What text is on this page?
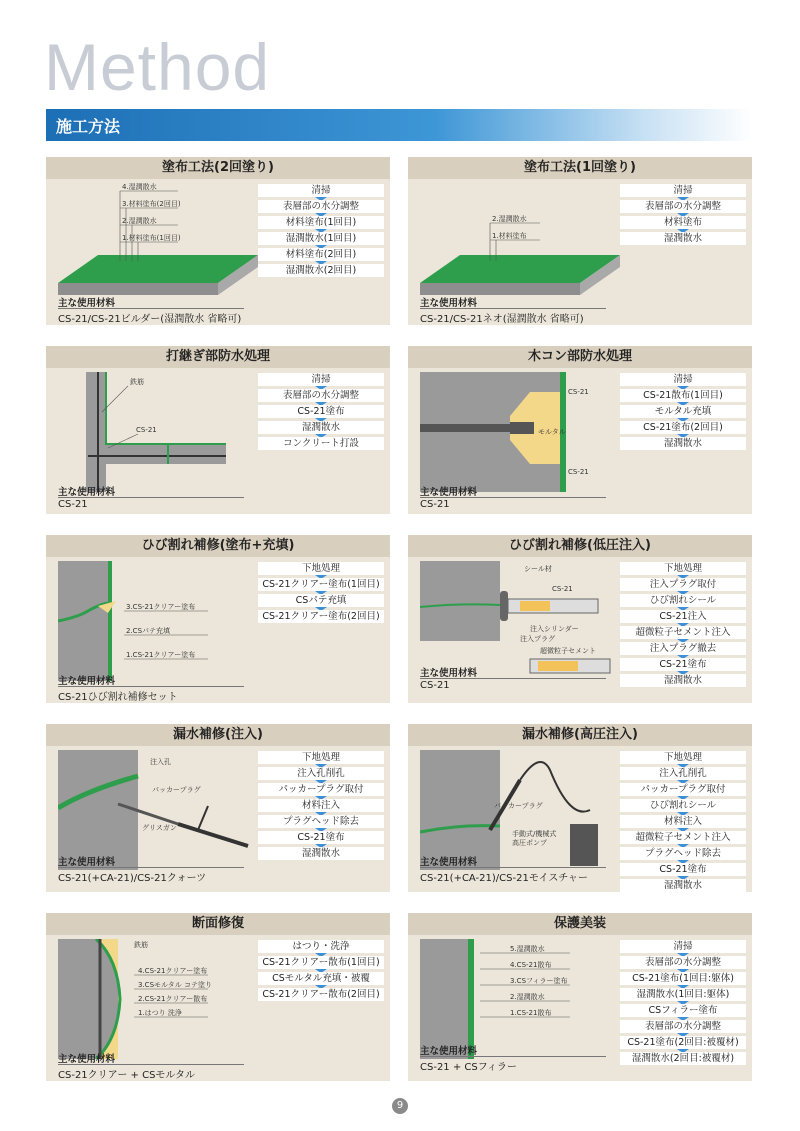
Method
施工方法
塗布工法(2回塗り)
4.湿潤散水
3.材料塗布(2回目)
2.湿潤散水
1.材料塗布(1回目)
清掃
表層部の水分調整
材料塗布(1回目)
湿潤散水(1回目)
材料塗布(2回目)
湿潤散水(2回目)
主な使用材料
CS-21/CS-21ビルダー(湿潤散水 省略可)
塗布工法(1回塗り)
2.湿潤散水
1.材料塗布
清掃
表層部の水分調整
材料塗布
湿潤散水
主な使用材料
CS-21/CS-21ネオ(湿潤散水 省略可)
打継ぎ部防水処理
鉄筋
CS-21
清掃
表層部の水分調整
CS-21塗布
湿潤散水
コンクリート打設
主な使用材料
CS-21
木コン部防水処理
CS-21
モルタル
CS-21
清掃
CS-21散布(1回目)
モルタル充填
CS-21塗布(2回目)
湿潤散水
主な使用材料
CS-21
ひび割れ補修(塗布+充填)
3.CS-21クリアー塗布
2.CSパテ充填
1.CS-21クリアー塗布
下地処理
CS-21クリアー塗布(1回目)
CSパテ充填
CS-21クリアー塗布(2回目)
主な使用材料
CS-21ひび割れ補修セット
ひび割れ補修(低圧注入)
シール材
CS-21
注入シリンダー
注入プラグ
超微粒子セメント
下地処理
注入プラグ取付
ひび割れシール
CS-21注入
超微粒子セメント注入
注入プラグ撤去
CS-21塗布
湿潤散水
主な使用材料
CS-21
漏水補修(注入)
注入孔
パッカープラグ
グリスガン
下地処理
注入孔削孔
パッカープラグ取付
材料注入
プラグヘッド除去
CS-21塗布
湿潤散水
主な使用材料
CS-21(+CA-21)/CS-21クォーツ
漏水補修(高圧注入)
パッカープラグ
手動式/機械式
高圧ポンプ
下地処理
注入孔削孔
パッカープラグ取付
ひび割れシール
材料注入
超微粒子セメント注入
プラグヘッド除去
CS-21塗布
湿潤散水
主な使用材料
CS-21(+CA-21)/CS-21モイスチャー
断面修復
鉄筋
4.CS-21クリアー塗布
3.CSモルタル コテ塗り
2.CS-21クリアー散布
1.はつり 洗浄
はつり・洗浄
CS-21クリアー散布(1回目)
CSモルタル充填・被覆
CS-21クリアー散布(2回目)
主な使用材料
CS-21クリアー + CSモルタル
保護美装
5.湿潤散水
4.CS-21散布
3.CSフィラー塗布
2.湿潤散水
1.CS-21散布
清掃
表層部の水分調整
CS-21塗布(1回目:躯体)
湿潤散水(1回目:躯体)
CSフィラー塗布
表層部の水分調整
CS-21塗布(2回目:被覆材)
湿潤散水(2回目:被覆材)
主な使用材料
CS-21 + CSフィラー
9
